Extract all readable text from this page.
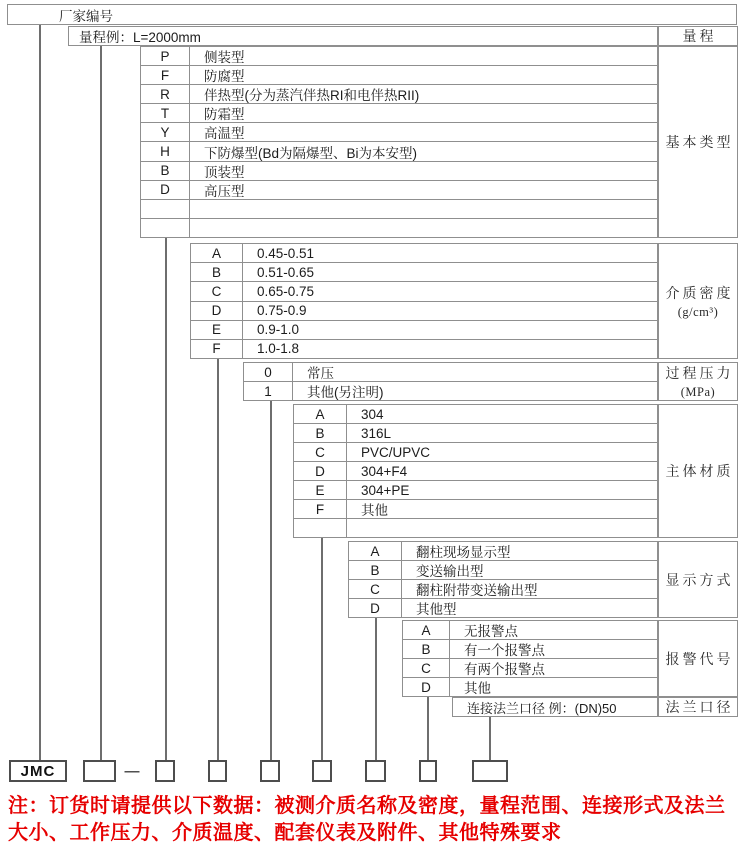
厂家编号
量程例：L=2000mm
连接法兰口径 例：(DN)50
—
注：订货时请提供以下数据：被测介质名称及密度，量程范围、连接形式及法兰
大小、工作压力、介质温度、配套仪表及附件、其他特殊要求
P	侧装型
F	防腐型
R	伴热型(分为蒸汽伴热RI和电伴热RII)
T	防霜型
Y	高温型
H	下防爆型(Bd为隔爆型、Bi为本安型)
B	顶装型
D	高压型
基本类型
A	0.45-0.51
B	0.51-0.65
C	0.65-0.75
D	0.75-0.9
E	0.9-1.0
F	1.0-1.8
介质密度
(g/cm³)
0	常压
1	其他(另注明)
过程压力
(MPa)
A	304
B	316L
C	PVC/UPVC
D	304+F4
E	304+PE
F	其他
主体材质
A	翻柱现场显示型
B	变送输出型
C	翻柱附带变送输出型
D	其他型
显示方式
A	无报警点
B	有一个报警点
C	有两个报警点
D	其他
报警代号
量程
法兰口径
JMC
